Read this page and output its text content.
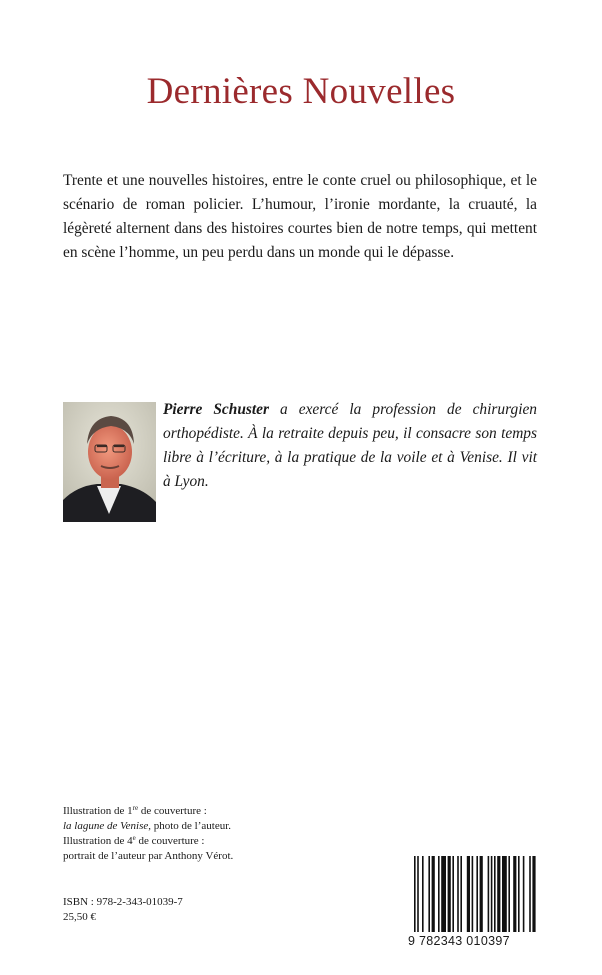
Dernières Nouvelles

Trente et une nouvelles histoires, entre le conte cruel ou philosophique, et le scénario de roman policier. L’humour, l’ironie mordante, la cruauté, la légèreté alternent dans des histoires courtes bien de notre temps, qui mettent en scène l’homme, un peu perdu dans un monde qui le dépasse.

Pierre Schuster a exercé la profession de chirurgien orthopédiste. À la retraite depuis peu, il consacre son temps libre à l’écriture, à la pratique de la voile et à Venise. Il vit à Lyon.

Illustration de 1re de couverture :
la lagune de Venise, photo de l’auteur.
Illustration de 4e de couverture :
portrait de l’auteur par Anthony Vérot.
ISBN : 978-2-343-01039-7
25,50 €
9 782343 010397
